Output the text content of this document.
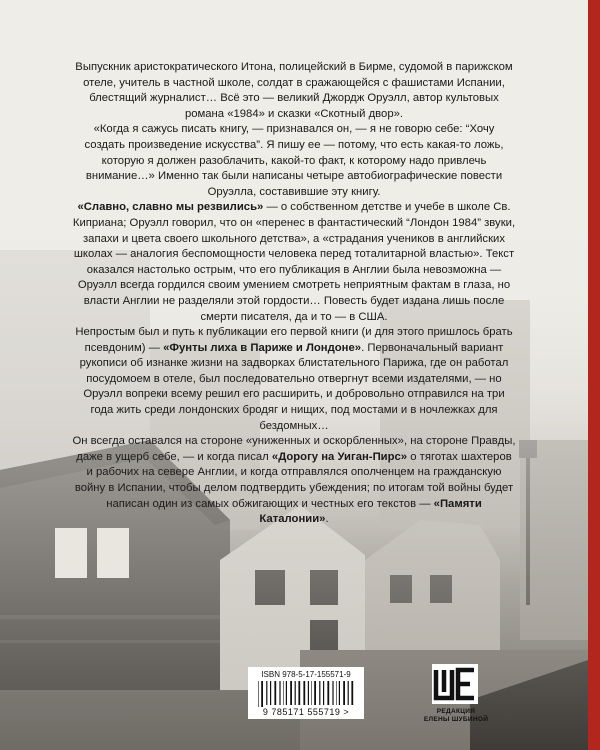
Выпускник аристократического Итона, полицейский в Бирме, судомой в парижском отеле, учитель в частной школе, солдат в сражающейся с фашистами Испании, блестящий журналист… Всё это — великий Джордж Оруэлл, автор культовых романа «1984» и сказки «Скотный двор».

«Когда я сажусь писать книгу, — признавался он, — я не говорю себе: “Хочу создать произведение искусства”. Я пишу ее — потому, что есть какая-то ложь, которую я должен разоблачить, какой-то факт, к которому надо привлечь внимание…» Именно так были написаны четыре автобиографические повести Оруэлла, составившие эту книгу.

«Славно, славно мы резвились» — о собственном детстве и учебе в школе Св. Киприана; Оруэлл говорил, что он «перенес в фантастический “Лондон 1984” звуки, запахи и цвета своего школьного детства», а «страдания учеников в английских школах — аналогия беспомощности человека перед тоталитарной властью». Текст оказался настолько острым, что его публикация в Англии была невозможна — Оруэлл всегда гордился своим умением смотреть неприятным фактам в глаза, но власти Англии не разделяли этой гордости… Повесть будет издана лишь после смерти писателя, да и то — в США.

Непростым был и путь к публикации его первой книги (и для этого пришлось брать псевдоним) — «Фунты лиха в Париже и Лондоне». Первоначальный вариант рукописи об изнанке жизни на задворках блистательного Парижа, где он работал посудомоем в отеле, был последовательно отвергнут всеми издателями, — но Оруэлл вопреки всему решил его расширить, и добровольно отправился на три года жить среди лондонских бродяг и нищих, под мостами и в ночлежках для бездомных…

Он всегда оставался на стороне «униженных и оскорбленных», на стороне Правды, даже в ущерб себе, — и когда писал «Дорогу на Уиган-Пирс» о тяготах шахтеров и рабочих на севере Англии, и когда отправлялся ополченцем на гражданскую войну в Испании, чтобы делом подтвердить убеждения; по итогам той войны будет написан один из самых обжигающих и честных его текстов — «Памяти Каталонии».

ISBN 978-5-17-155571-9
9 785171 555719 >	РЕДАКЦИЯ
ЕЛЕНЫ ШУБИНОЙ
